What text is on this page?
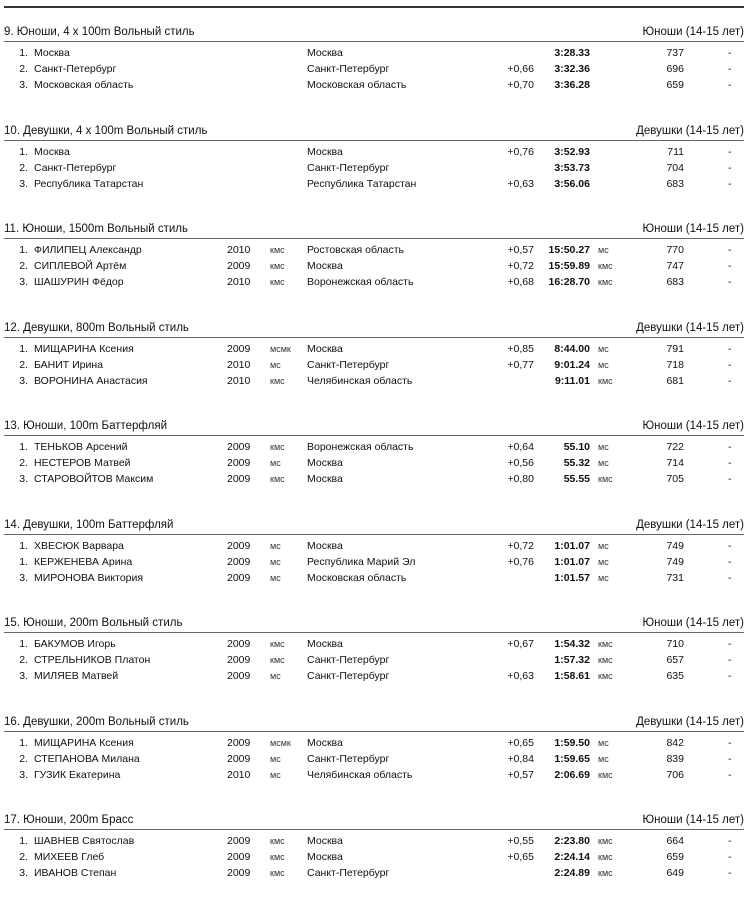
9. Юноши, 4 x 100m Вольный стиль	Юноши (14-15 лет)
1. Москва	Москва	3:28.33	737	-
2. Санкт-Петербург	Санкт-Петербург	+0,66	3:32.36	696	-
3. Московская область	Московская область	+0,70	3:36.28	659	-
10. Девушки, 4 x 100m Вольный стиль	Девушки (14-15 лет)
1. Москва	Москва	+0,76	3:52.93	711	-
2. Санкт-Петербург	Санкт-Петербург	3:53.73	704	-
3. Республика Татарстан	Республика Татарстан	+0,63	3:56.06	683	-
11. Юноши, 1500m Вольный стиль	Юноши (14-15 лет)
1. ФИЛИПЕЦ Александр	2010 кмс Ростовская область	+0,57	15:50.27 мс	770	-
2. СИПЛЕВОЙ Артём	2009 кмс Москва	+0,72	15:59.89 кмс	747	-
3. ШАШУРИН Фёдор	2010 кмс Воронежская область	+0,68	16:28.70 кмс	683	-
12. Девушки, 800m Вольный стиль	Девушки (14-15 лет)
1. МИЩАРИНА Ксения	2009 мсмк Москва	+0,85	8:44.00 мс	791	-
2. БАНИТ Ирина	2010 мс	Санкт-Петербург	+0,77	9:01.24 мс	718	-
3. ВОРОНИНА Анастасия	2010 кмс Челябинская область	9:11.01 кмс	681	-
13. Юноши, 100m Баттерфляй	Юноши (14-15 лет)
1. ТЕНЬКОВ Арсений	2009 кмс Воронежская область	+0,64	55.10 мс	722	-
2. НЕСТЕРОВ Матвей	2009 мс	Москва	+0,56	55.32 мс	714	-
3. СТАРОВОЙТОВ Максим	2009 кмс Москва	+0,80	55.55 кмс	705	-
14. Девушки, 100m Баттерфляй	Девушки (14-15 лет)
1. ХВЕСЮК Варвара	2009 мс	Москва	+0,72	1:01.07 мс	749	-
1. КЕРЖЕНЕВА Арина	2009 мс	Республика Марий Эл	+0,76	1:01.07 мс	749	-
3. МИРОНОВА Виктория	2009 мс	Московская область	1:01.57 мс	731	-
15. Юноши, 200m Вольный стиль	Юноши (14-15 лет)
1. БАКУМОВ Игорь	2009 кмс Москва	+0,67	1:54.32 кмс	710	-
2. СТРЕЛЬНИКОВ Платон	2009 кмс Санкт-Петербург	1:57.32 кмс	657	-
3. МИЛЯЕВ Матвей	2009 мс	Санкт-Петербург	+0,63	1:58.61 кмс	635	-
16. Девушки, 200m Вольный стиль	Девушки (14-15 лет)
1. МИЩАРИНА Ксения	2009 мсмк Москва	+0,65	1:59.50 мс	842	-
2. СТЕПАНОВА Милана	2009 мс	Санкт-Петербург	+0,84	1:59.65 мс	839	-
3. ГУЗИК Екатерина	2010 мс	Челябинская область	+0,57	2:06.69 кмс	706	-
17. Юноши, 200m Брасс	Юноши (14-15 лет)
1. ШАВНЕВ Святослав	2009 кмс Москва	+0,55	2:23.80 кмс	664	-
2. МИХЕЕВ Глеб	2009 кмс Москва	+0,65	2:24.14 кмс	659	-
3. ИВАНОВ Степан	2009 кмс Санкт-Петербург	2:24.89 кмс	649	-
